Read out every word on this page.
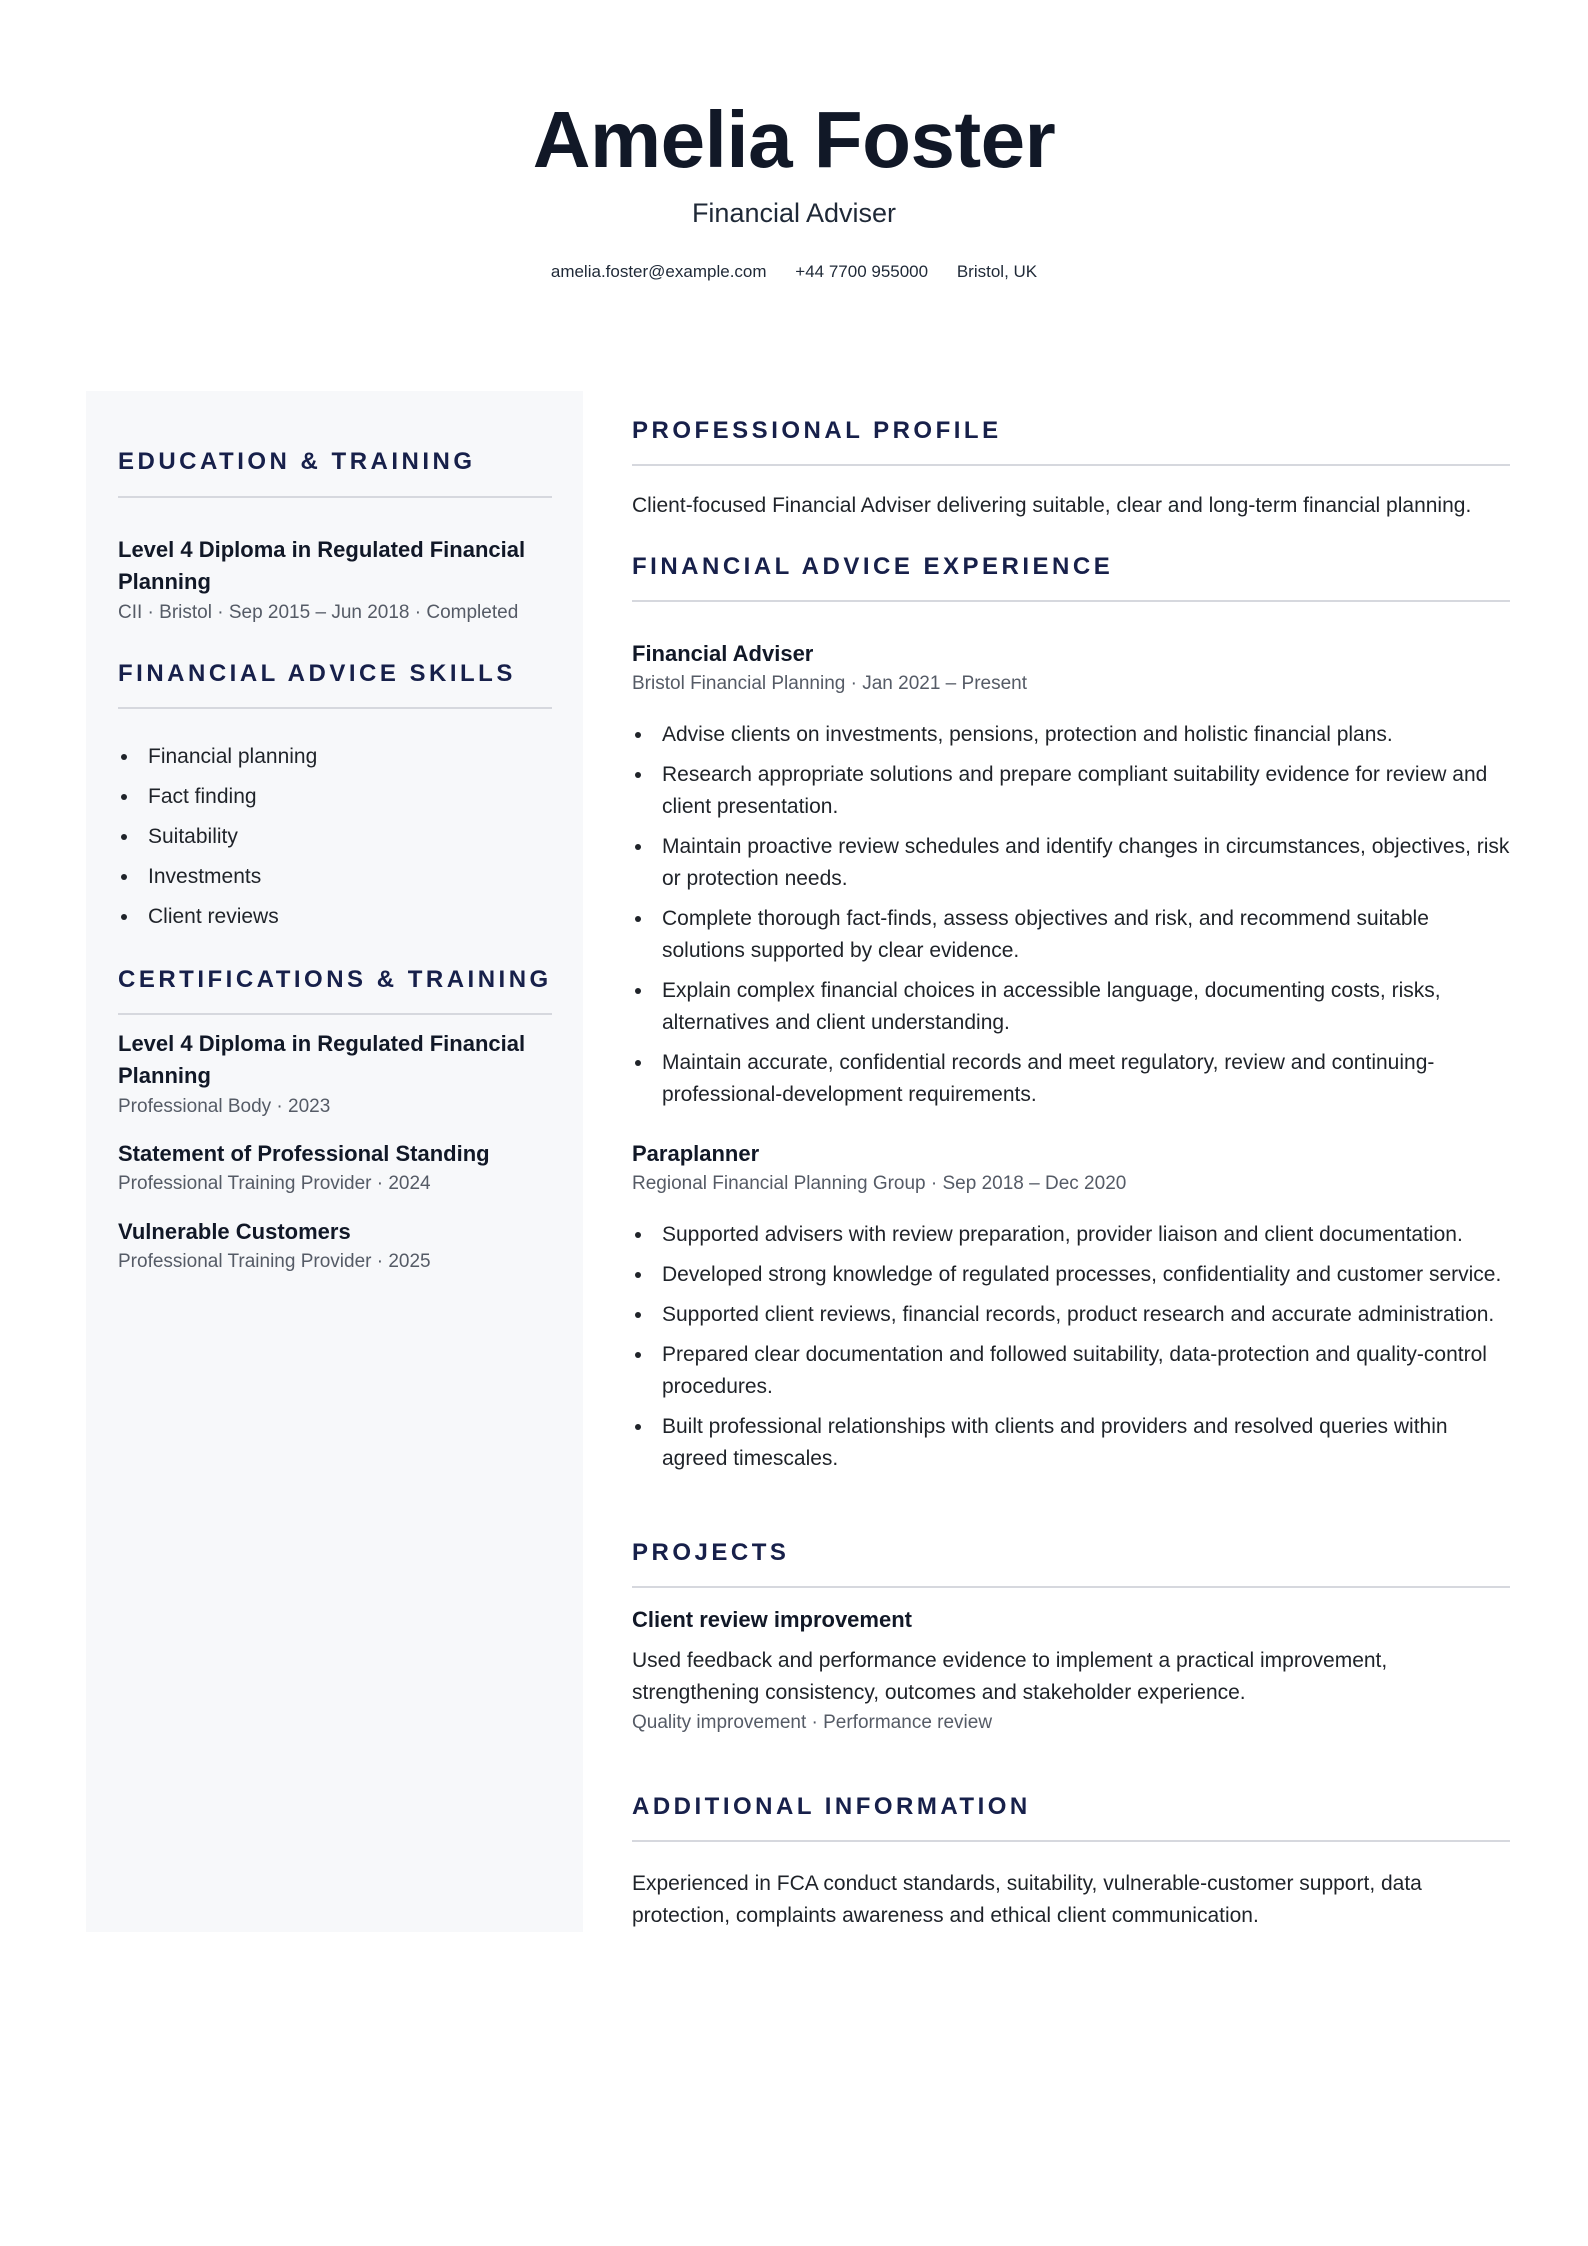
Amelia Foster
Financial Adviser
amelia.foster@example.com +44 7700 955000 Bristol, UK
EDUCATION & TRAINING
Level 4 Diploma in Regulated Financial Planning
CII · Bristol · Sep 2015 – Jun 2018 · Completed
FINANCIAL ADVICE SKILLS
Financial planning
Fact finding
Suitability
Investments
Client reviews
CERTIFICATIONS & TRAINING
Level 4 Diploma in Regulated Financial Planning
Professional Body · 2023
Statement of Professional Standing
Professional Training Provider · 2024
Vulnerable Customers
Professional Training Provider · 2025
PROFESSIONAL PROFILE
Client-focused Financial Adviser delivering suitable, clear and long-term financial planning.
FINANCIAL ADVICE EXPERIENCE
Financial Adviser
Bristol Financial Planning · Jan 2021 – Present
Advise clients on investments, pensions, protection and holistic financial plans.
Research appropriate solutions and prepare compliant suitability evidence for review and client presentation.
Maintain proactive review schedules and identify changes in circumstances, objectives, risk or protection needs.
Complete thorough fact-finds, assess objectives and risk, and recommend suitable solutions supported by clear evidence.
Explain complex financial choices in accessible language, documenting costs, risks, alternatives and client understanding.
Maintain accurate, confidential records and meet regulatory, review and continuing-professional-development requirements.
Paraplanner
Regional Financial Planning Group · Sep 2018 – Dec 2020
Supported advisers with review preparation, provider liaison and client documentation.
Developed strong knowledge of regulated processes, confidentiality and customer service.
Supported client reviews, financial records, product research and accurate administration.
Prepared clear documentation and followed suitability, data-protection and quality-control procedures.
Built professional relationships with clients and providers and resolved queries within agreed timescales.
PROJECTS
Client review improvement
Used feedback and performance evidence to implement a practical improvement, strengthening consistency, outcomes and stakeholder experience.
Quality improvement · Performance review
ADDITIONAL INFORMATION
Experienced in FCA conduct standards, suitability, vulnerable-customer support, data protection, complaints awareness and ethical client communication.
